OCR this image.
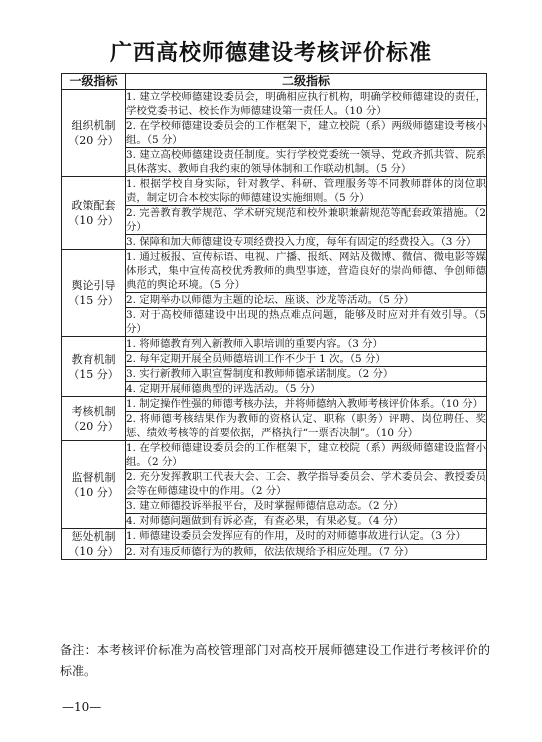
广西高校师德建设考核评价标准
一级指标	二级指标

组织机制
（20 分）	1. 建立学校师德建设委员会，明确相应执行机构，明确学校师德建设的责任，学校党委书记、校长作为师德建设第一责任人。（10 分）
	2. 在学校师德建设委员会的工作框架下，建立校院（系）两级师德建设考核小组。（5 分）
	3. 建立高校师德建设责任制度。实行学校党委统一领导、党政齐抓共管、院系具体落实、教师自我约束的领导体制和工作联动机制。（5 分）

政策配套
（10 分）	1. 根据学校自身实际，针对教学、科研、管理服务等不同教师群体的岗位职责，制定切合本校实际的师德建设实施细则。（5 分）
	2. 完善教育教学规范、学术研究规范和校外兼职兼薪规范等配套政策措施。（2 分）
	3. 保障和加大师德建设专项经费投入力度，每年有固定的经费投入。（3 分）

舆论引导
（15 分）	1. 通过板报、宣传标语、电视、广播、报纸、网站及微博、微信、微电影等媒体形式，集中宣传高校优秀教师的典型事迹，营造良好的崇尚师德、争创师德典范的舆论环境。（5 分）
	2. 定期举办以师德为主题的论坛、座谈、沙龙等活动。（5 分）
	3. 对于高校师德建设中出现的热点难点问题，能够及时应对并有效引导。（5 分）

教育机制
（15 分）	1. 将师德教育列入新教师入职培训的重要内容。（3 分）
	2. 每年定期开展全员师德培训工作不少于 1 次。（5 分）
	3. 实行新教师入职宣誓制度和教师师德承诺制度。（2 分）
	4. 定期开展师德典型的评选活动。（5 分）

考核机制
（20 分）	1. 制定操作性强的师德考核办法，并将师德纳入教师考核评价体系。（10 分）
	2. 将师德考核结果作为教师的资格认定、职称（职务）评聘、岗位聘任、奖惩、绩效考核等的首要依据，严格执行“一票否决制”。（10 分）

监督机制
（10 分）	1. 在学校师德建设委员会的工作框架下，建立校院（系）两级师德建设监督小组。（2 分）
	2. 充分发挥教职工代表大会、工会、教学指导委员会、学术委员会、教授委员会等在师德建设中的作用。（2 分）
	3. 建立师德投诉举报平台，及时掌握师德信息动态。（2 分）
	4. 对师德问题做到有诉必查，有查必果，有果必复。（4 分）

惩处机制
（10 分）	1. 师德建设委员会发挥应有的作用，及时的对师德事故进行认定。（3 分）
	2. 对有违反师德行为的教师，依法依规给予相应处理。（7 分）
备注：本考核评价标准为高校管理部门对高校开展师德建设工作进行考核评价的标准。
—10—
